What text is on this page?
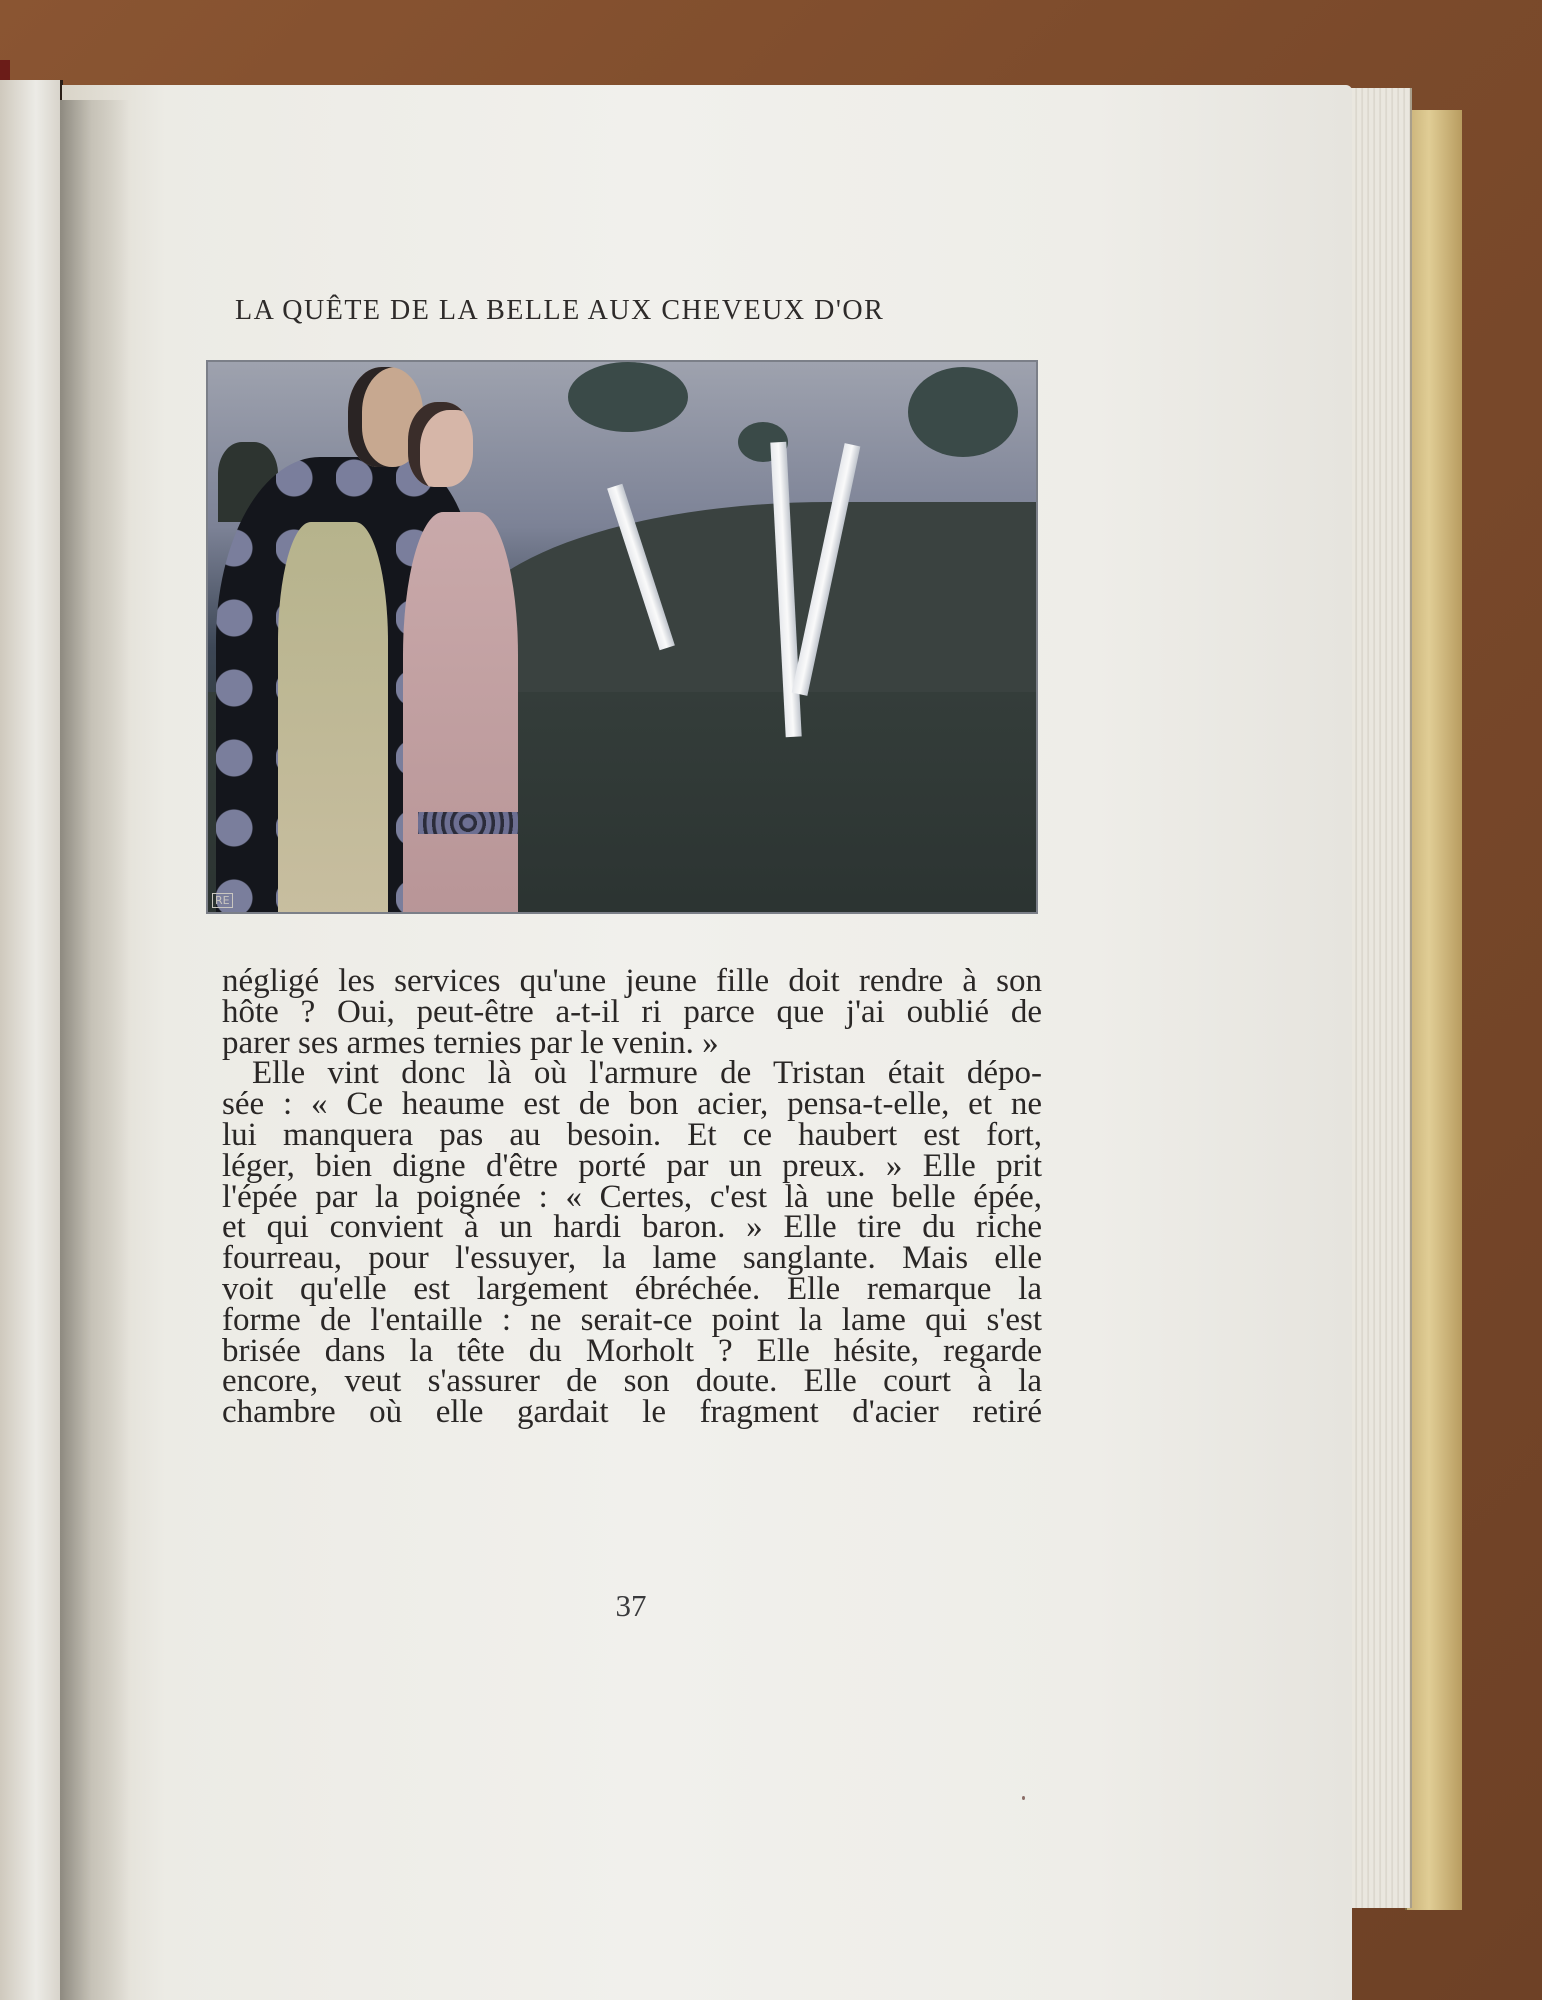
LA QUÊTE DE LA BELLE AUX CHEVEUX D'OR
RE
négligé les services qu'une jeune fille doit rendre à son
hôte ? Oui, peut-être a-t-il ri parce que j'ai oublié de
parer ses armes ternies par le venin. »
Elle vint donc là où l'armure de Tristan était dépo-
sée : « Ce heaume est de bon acier, pensa-t-elle, et ne
lui manquera pas au besoin. Et ce haubert est fort,
léger, bien digne d'être porté par un preux. » Elle prit
l'épée par la poignée : « Certes, c'est là une belle épée,
et qui convient à un hardi baron. » Elle tire du riche
fourreau, pour l'essuyer, la lame sanglante. Mais elle
voit qu'elle est largement ébréchée. Elle remarque la
forme de l'entaille : ne serait-ce point la lame qui s'est
brisée dans la tête du Morholt ? Elle hésite, regarde
encore, veut s'assurer de son doute. Elle court à la
chambre où elle gardait le fragment d'acier retiré
37
